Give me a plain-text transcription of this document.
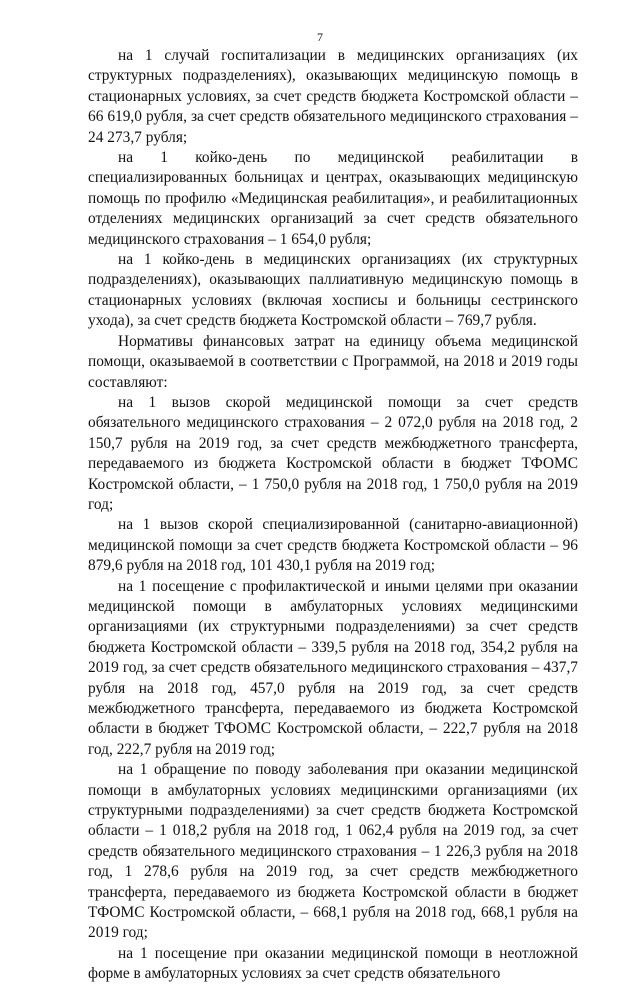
7

на 1 случай госпитализации в медицинских организациях (их структурных подразделениях), оказывающих медицинскую помощь в стационарных условиях, за счет средств бюджета Костромской области – 66 619,0 рубля, за счет средств обязательного медицинского страхования – 24 273,7 рубля;

на 1 койко-день по медицинской реабилитации в специализированных больницах и центрах, оказывающих медицинскую помощь по профилю «Медицинская реабилитация», и реабилитационных отделениях медицинских организаций за счет средств обязательного медицинского страхования – 1 654,0 рубля;

на 1 койко-день в медицинских организациях (их структурных подразделениях), оказывающих паллиативную медицинскую помощь в стационарных условиях (включая хосписы и больницы сестринского ухода), за счет средств бюджета Костромской области – 769,7 рубля.

Нормативы финансовых затрат на единицу объема медицинской помощи, оказываемой в соответствии с Программой, на 2018 и 2019 годы составляют:

на 1 вызов скорой медицинской помощи за счет средств обязательного медицинского страхования – 2 072,0 рубля на 2018 год, 2 150,7 рубля на 2019 год, за счет средств межбюджетного трансферта, передаваемого из бюджета Костромской области в бюджет ТФОМС Костромской области, – 1 750,0 рубля на 2018 год, 1 750,0 рубля на 2019 год;

на 1 вызов скорой специализированной (санитарно-авиационной) медицинской помощи за счет средств бюджета Костромской области – 96 879,6 рубля на 2018 год, 101 430,1 рубля на 2019 год;

на 1 посещение с профилактической и иными целями при оказании медицинской помощи в амбулаторных условиях медицинскими организациями (их структурными подразделениями) за счет средств бюджета Костромской области – 339,5 рубля на 2018 год, 354,2 рубля на 2019 год, за счет средств обязательного медицинского страхования – 437,7 рубля на 2018 год, 457,0 рубля на 2019 год, за счет средств межбюджетного трансферта, передаваемого из бюджета Костромской области в бюджет ТФОМС Костромской области, – 222,7 рубля на 2018 год, 222,7 рубля на 2019 год;

на 1 обращение по поводу заболевания при оказании медицинской помощи в амбулаторных условиях медицинскими организациями (их структурными подразделениями) за счет средств бюджета Костромской области – 1 018,2 рубля на 2018 год, 1 062,4 рубля на 2019 год, за счет средств обязательного медицинского страхования – 1 226,3 рубля на 2018 год, 1 278,6 рубля на 2019 год, за счет средств межбюджетного трансферта, передаваемого из бюджета Костромской области в бюджет ТФОМС Костромской области, – 668,1 рубля на 2018 год, 668,1 рубля на 2019 год;

на 1 посещение при оказании медицинской помощи в неотложной форме в амбулаторных условиях за счет средств обязательного
